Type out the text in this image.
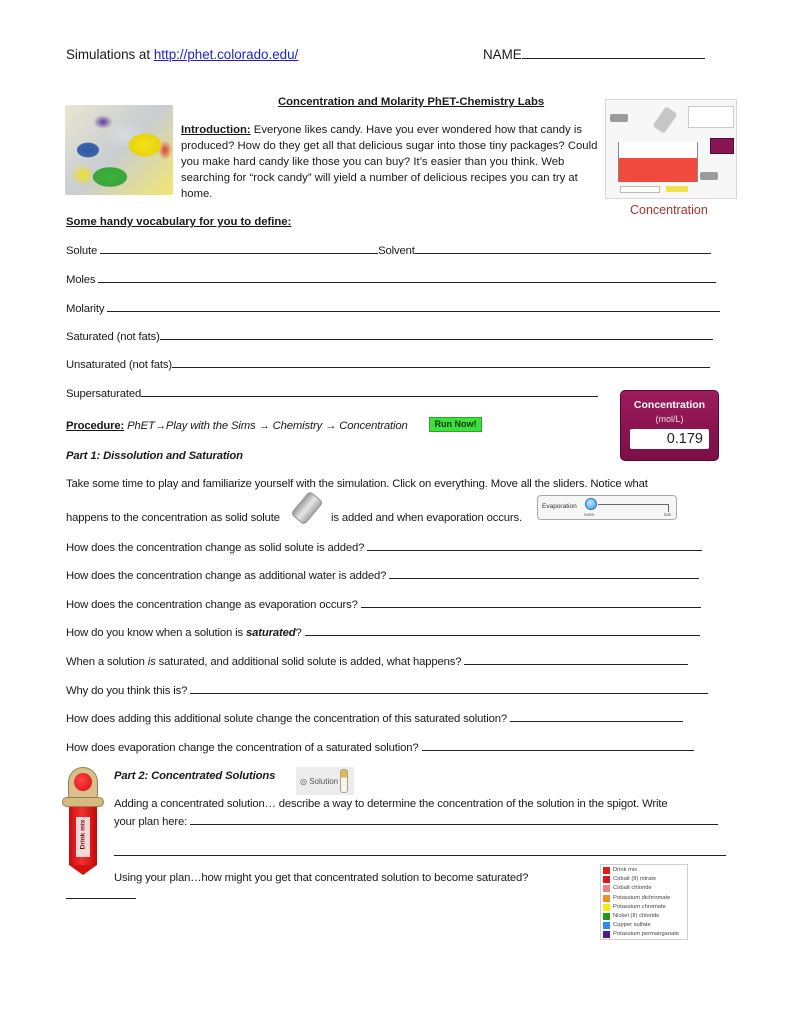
Simulations at http://phet.colorado.edu/	NAME
Concentration and Molarity PhET-Chemistry Labs
Introduction: Everyone likes candy. Have you ever wondered how that candy is produced? How do they get all that delicious sugar into those tiny packages? Could you make hard candy like those you can buy? It’s easier than you think. Web searching for “rock candy” will yield a number of delicious recipes you can try at home.
Concentration
Some handy vocabulary for you to define:
Solute	Solvent
Moles
Molarity
Saturated (not fats)
Unsaturated (not fats)
Supersaturated
Concentration
(mol/L)
0.179
Procedure: PhET→Play with the Sims → Chemistry → Concentration	Run Now!
Part 1: Dissolution and Saturation
Take some time to play and familiarize yourself with the simulation. Click on everything. Move all the sliders. Notice what
happens to the concentration as solid solute	is added and when evaporation occurs.
Evaporation
none	lots
How does the concentration change as solid solute is added?
How does the concentration change as additional water is added?
How does the concentration change as evaporation occurs?
How do you know when a solution is saturated?
When a solution is saturated, and additional solid solute is added, what happens?
Why do you think this is?
How does adding this additional solute change the concentration of this saturated solution?
How does evaporation change the concentration of a saturated solution?
Drink mix
Part 2: Concentrated Solutions	◎ Solution
Adding a concentrated solution… describe a way to determine the concentration of the solution in the spigot. Write
your plan here:
Using your plan…how might you get that concentrated solution to become saturated?
Drink mix
Cobalt (II) nitrate
Cobalt chloride
Potassium dichromate
Potassium chromate
Nickel (II) chloride
Copper sulfate
Potassium permanganate
